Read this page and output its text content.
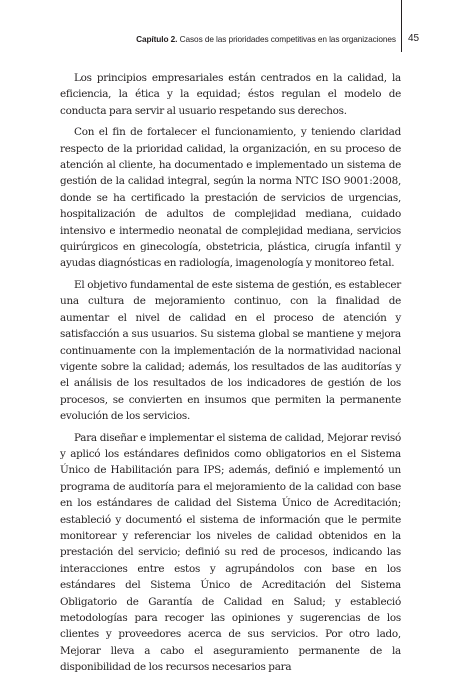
Capítulo 2. Casos de las prioridades competitivas en las organizaciones 45

Los principios empresariales están centrados en la calidad, la eficiencia, la ética y la equidad; éstos regulan el modelo de conducta para servir al usuario respetando sus derechos.

Con el fin de fortalecer el funcionamiento, y teniendo claridad respecto de la prioridad calidad, la organización, en su proceso de atención al cliente, ha documentado e implementado un sistema de gestión de la calidad integral, según la norma NTC ISO 9001:2008, donde se ha certificado la prestación de servicios de urgencias, hospitalización de adultos de complejidad mediana, cuidado intensivo e intermedio neonatal de complejidad mediana, servicios quirúrgicos en ginecología, obstetricia, plástica, cirugía infantil y ayudas diagnósticas en radiología, imagenología y monitoreo fetal.

El objetivo fundamental de este sistema de gestión, es establecer una cultura de mejoramiento continuo, con la finalidad de aumentar el nivel de calidad en el proceso de atención y satisfacción a sus usuarios. Su sistema global se mantiene y mejora continuamente con la implementación de la normatividad nacional vigente sobre la calidad; además, los resultados de las auditorías y el análisis de los resultados de los indicadores de gestión de los procesos, se convierten en insumos que permiten la permanente evolución de los servicios.

Para diseñar e implementar el sistema de calidad, Mejorar revisó y aplicó los estándares definidos como obligatorios en el Sistema Único de Habilitación para IPS; además, definió e implementó un programa de auditoría para el mejoramiento de la calidad con base en los estándares de calidad del Sistema Único de Acreditación; estableció y documentó el sistema de información que le permite monitorear y referenciar los niveles de calidad obtenidos en la prestación del servicio; definió su red de procesos, indicando las interacciones entre estos y agrupándolos con base en los estándares del Sistema Único de Acreditación del Sistema Obligatorio de Garantía de Calidad en Salud; y estableció metodologías para recoger las opiniones y sugerencias de los clientes y proveedores acerca de sus servicios. Por otro lado, Mejorar lleva a cabo el aseguramiento permanente de la disponibilidad de los recursos necesarios para
